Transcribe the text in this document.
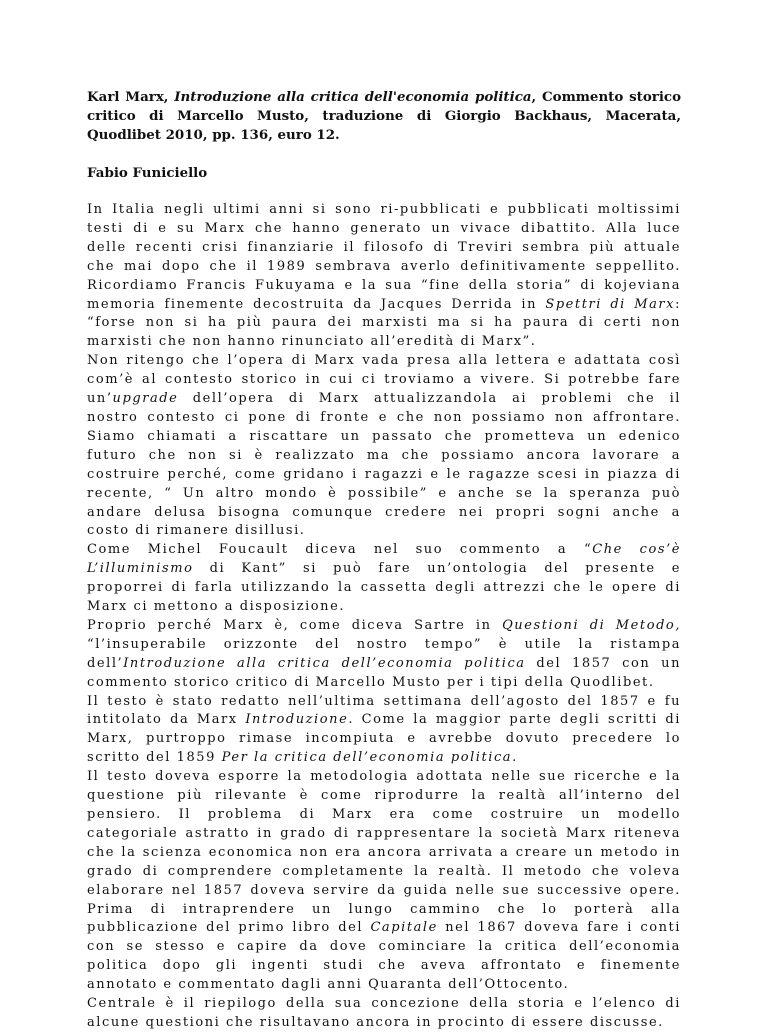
Karl Marx, Introduzione alla critica dell'economia politica, Commento storico critico di Marcello Musto, traduzione di Giorgio Backhaus, Macerata, Quodlibet 2010, pp. 136, euro 12.
Fabio Funiciello
In Italia negli ultimi anni si sono ri-pubblicati e pubblicati moltissimi
testi di e su Marx che hanno generato un vivace dibattito. Alla luce
delle recenti crisi finanziarie il filosofo di Treviri sembra più attuale
che mai dopo che il 1989 sembrava averlo definitivamente seppellito.
Ricordiamo Francis Fukuyama e la sua “fine della storia” di kojeviana
memoria finemente decostruita da Jacques Derrida in Spettri di Marx:
“forse non si ha più paura dei marxisti ma si ha paura di certi non
marxisti che non hanno rinunciato all’eredità di Marx”.
Non ritengo che l’opera di Marx vada presa alla lettera e adattata così
com’è al contesto storico in cui ci troviamo a vivere. Si potrebbe fare
un’upgrade dell’opera di Marx attualizzandola ai problemi che il
nostro contesto ci pone di fronte e che non possiamo non affrontare.
Siamo chiamati a riscattare un passato che prometteva un edenico
futuro che non si è realizzato ma che possiamo ancora lavorare a
costruire perché, come gridano i ragazzi e le ragazze scesi in piazza di
recente, “ Un altro mondo è possibile” e anche se la speranza può
andare delusa bisogna comunque credere nei propri sogni anche a
costo di rimanere disillusi.
Come Michel Foucault diceva nel suo commento a “Che cos’è
L’illuminismo di Kant” si può fare un’ontologia del presente e
proporrei di farla utilizzando la cassetta degli attrezzi che le opere di
Marx ci mettono a disposizione.
Proprio perché Marx è, come diceva Sartre in Questioni di Metodo,
“l’insuperabile orizzonte del nostro tempo” è utile la ristampa
dell’Introduzione alla critica dell’economia politica del 1857 con un
commento storico critico di Marcello Musto per i tipi della Quodlibet.
Il testo è stato redatto nell’ultima settimana dell’agosto del 1857 e fu
intitolato da Marx Introduzione. Come la maggior parte degli scritti di
Marx, purtroppo rimase incompiuta e avrebbe dovuto precedere lo
scritto del 1859 Per la critica dell’economia politica.
Il testo doveva esporre la metodologia adottata nelle sue ricerche e la
questione più rilevante è come riprodurre la realtà all’interno del
pensiero. Il problema di Marx era come costruire un modello
categoriale astratto in grado di rappresentare la società Marx riteneva
che la scienza economica non era ancora arrivata a creare un metodo in
grado di comprendere completamente la realtà. Il metodo che voleva
elaborare nel 1857 doveva servire da guida nelle sue successive opere.
Prima di intraprendere un lungo cammino che lo porterà alla
pubblicazione del primo libro del Capitale nel 1867 doveva fare i conti
con se stesso e capire da dove cominciare la critica dell’economia
politica dopo gli ingenti studi che aveva affrontato e finemente
annotato e commentato dagli anni Quaranta dell’Ottocento.
Centrale è il riepilogo della sua concezione della storia e l’elenco di
alcune questioni che risultavano ancora in procinto di essere discusse.
